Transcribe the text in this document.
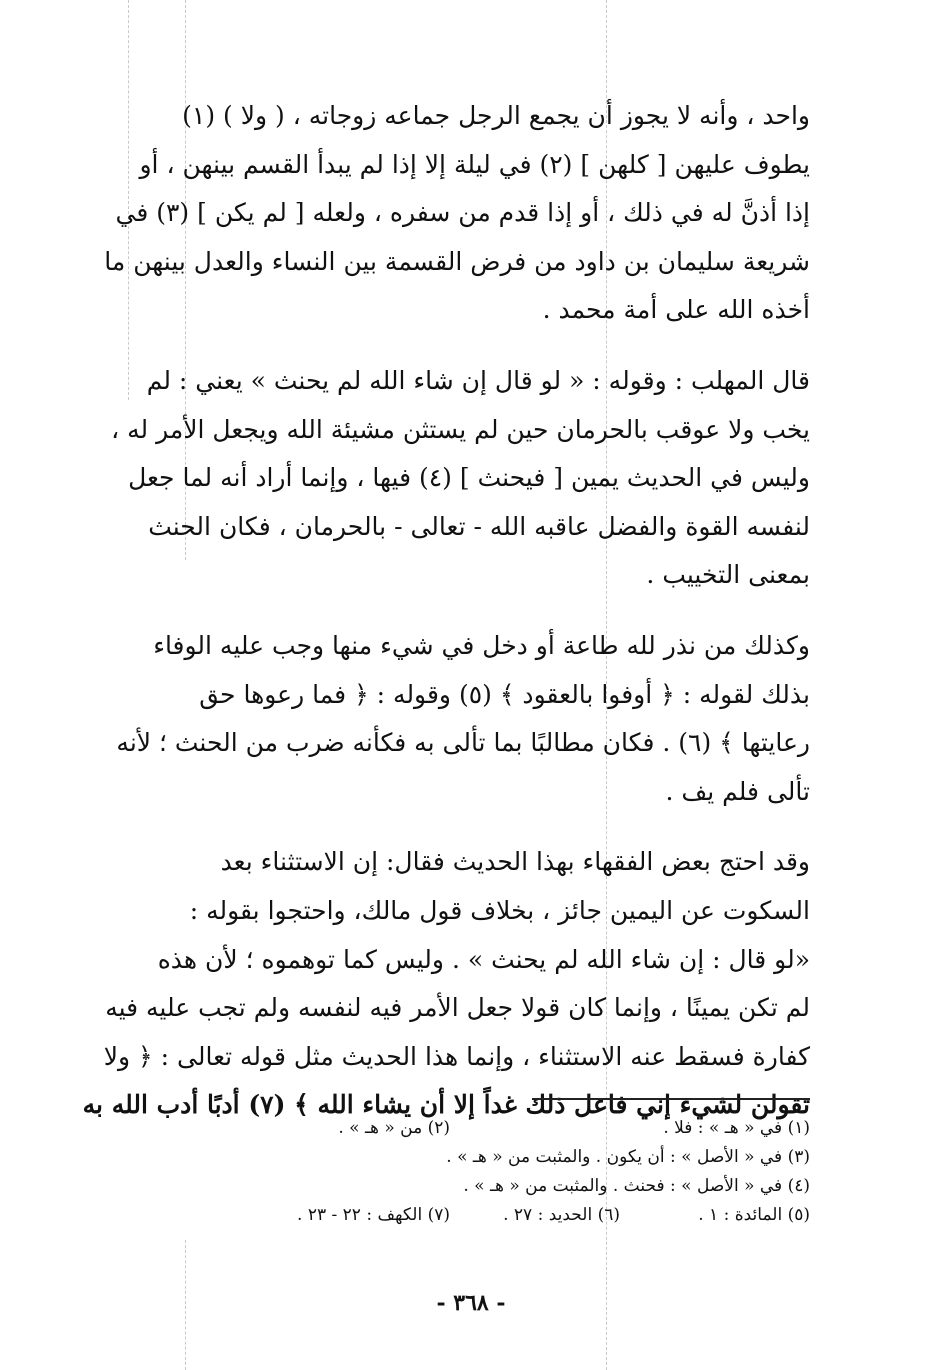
واحد ، وأنه لا يجوز أن يجمع الرجل جماعه زوجاته ، ( ولا ) (١)
يطوف عليهن [ كلهن ] (٢) في ليلة إلا إذا لم يبدأ القسم بينهن ، أو
إذا أذنَّ له في ذلك ، أو إذا قدم من سفره ، ولعله [ لم يكن ] (٣) في
شريعة سليمان بن داود من فرض القسمة بين النساء والعدل بينهن ما
أخذه الله على أمة محمد .
قال المهلب : وقوله : « لو قال إن شاء الله لم يحنث » يعني : لم
يخب ولا عوقب بالحرمان حين لم يستثن مشيئة الله ويجعل الأمر له ،
وليس في الحديث يمين [ فيحنث ] (٤) فيها ، وإنما أراد أنه لما جعل
لنفسه القوة والفضل عاقبه الله - تعالى - بالحرمان ، فكان الحنث
بمعنى التخييب .
وكذلك من نذر لله طاعة أو دخل في شيء منها وجب عليه الوفاء
بذلك لقوله : ﴿ أوفوا بالعقود ﴾ (٥) وقوله : ﴿ فما رعوها حق
رعايتها ﴾ (٦) . فكان مطالبًا بما تألى به فكأنه ضرب من الحنث ؛ لأنه
تألى فلم يف .
وقد احتج بعض الفقهاء بهذا الحديث فقال: إن الاستثناء بعد
السكوت عن اليمين جائز ، بخلاف قول مالك، واحتجوا بقوله :
«لو قال : إن شاء الله لم يحنث » . وليس كما توهموه ؛ لأن هذه
لم تكن يمينًا ، وإنما كان قولا جعل الأمر فيه لنفسه ولم تجب عليه فيه
كفارة فسقط عنه الاستثناء ، وإنما هذا الحديث مثل قوله تعالى : ﴿ ولا
تقولن لشيء إني فاعل ذلك غداً إلا أن يشاء الله ﴾ (٧) أدبًا أدب الله به
(١) في « هـ » : فلا .
(٢) من « هـ » .
(٣) في « الأصل » : أن يكون . والمثبت من « هـ » .
(٤) في « الأصل » : فحنث . والمثبت من « هـ » .
(٥) المائدة : ١ .
(٦) الحديد : ٢٧ .
(٧) الكهف : ٢٢ - ٢٣ .
- ٣٦٨ -
